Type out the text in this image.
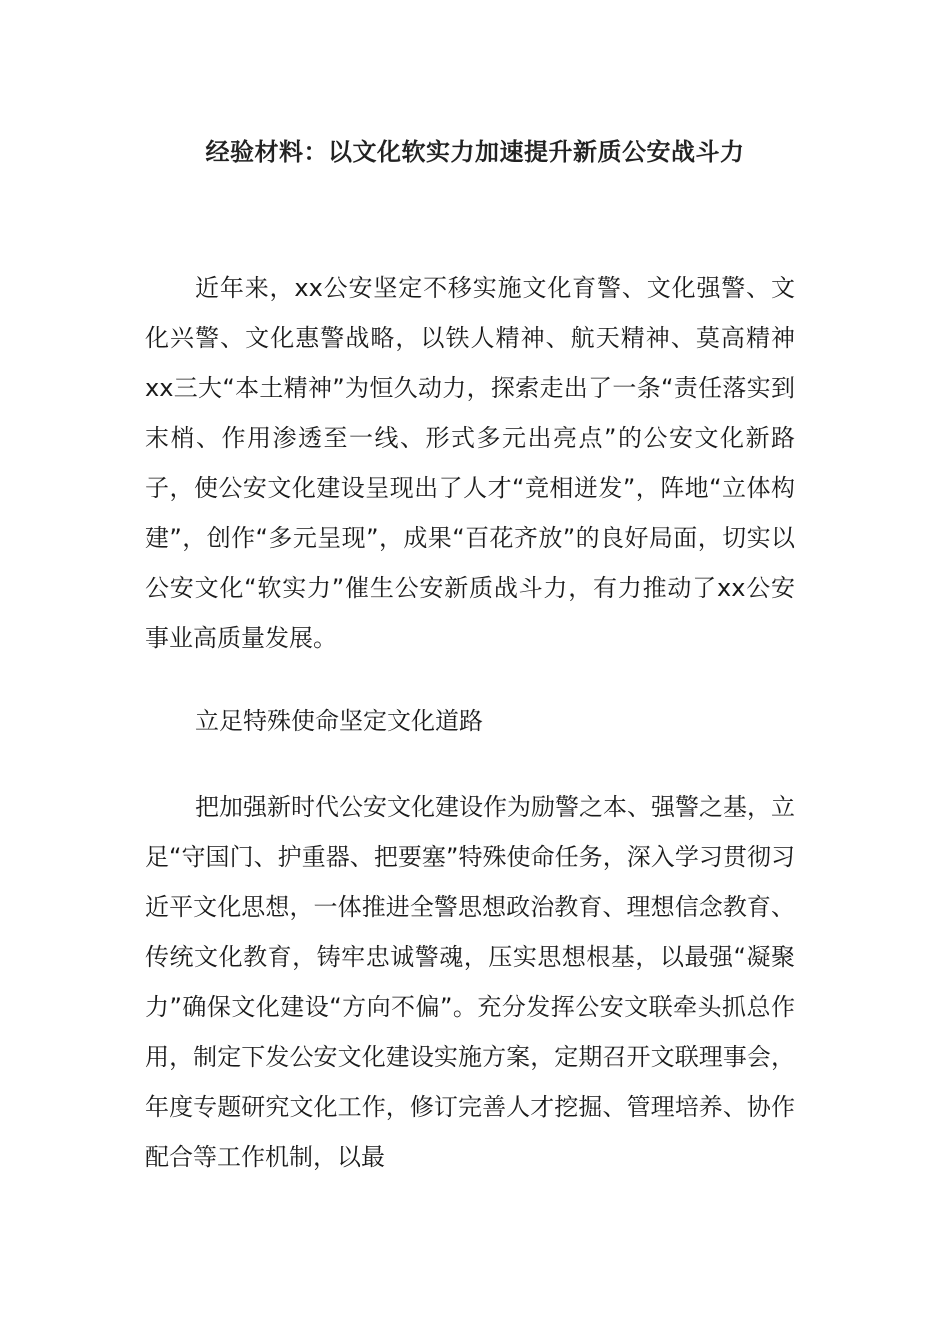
经验材料：以文化软实力加速提升新质公安战斗力

近年来，xx公安坚定不移实施文化育警、文化强警、文化兴警、文化惠警战略，以铁人精神、航天精神、莫高精神xx三大“本土精神”为恒久动力，探索走出了一条“责任落实到末梢、作用渗透至一线、形式多元出亮点”的公安文化新路子，使公安文化建设呈现出了人才“竞相迸发”，阵地“立体构建”，创作“多元呈现”，成果“百花齐放”的良好局面，切实以公安文化“软实力”催生公安新质战斗力，有力推动了xx公安事业高质量发展。

立足特殊使命坚定文化道路

把加强新时代公安文化建设作为励警之本、强警之基，立足“守国门、护重器、把要塞”特殊使命任务，深入学习贯彻习近平文化思想，一体推进全警思想政治教育、理想信念教育、传统文化教育，铸牢忠诚警魂，压实思想根基，以最强“凝聚力”确保文化建设“方向不偏”。充分发挥公安文联牵头抓总作用，制定下发公安文化建设实施方案，定期召开文联理事会，年度专题研究文化工作，修订完善人才挖掘、管理培养、协作配合等工作机制，以最
